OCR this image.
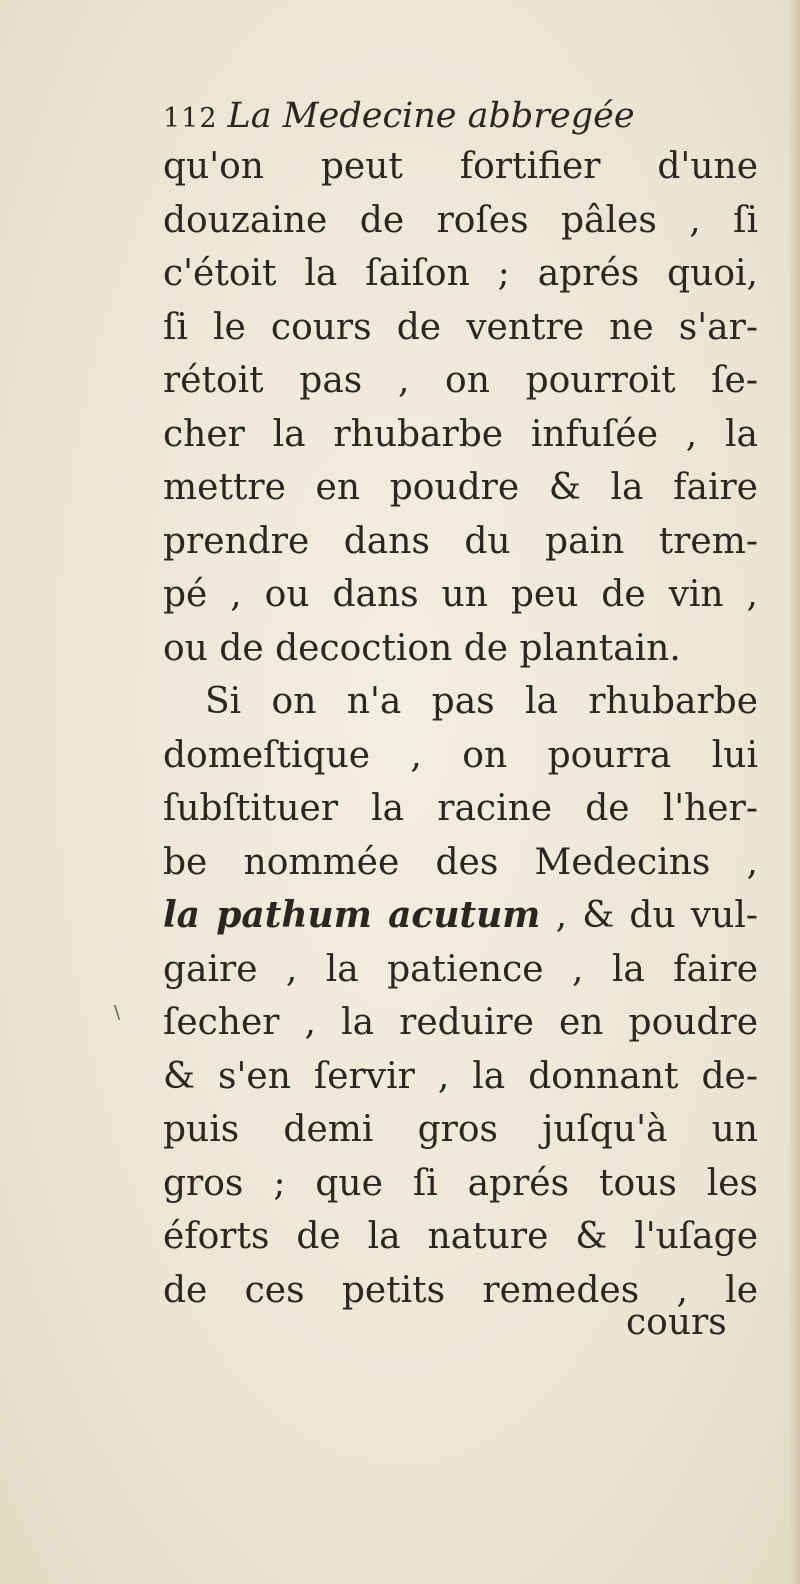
112 La Medecine abbregée
qu'on peut fortifier d'une
douzaine de roſes pâles , ſi
c'étoit la ſaiſon ; aprés quoi,
ſi le cours de ventre ne s'ar-
rétoit pas , on pourroit ſe-
cher la rhubarbe infuſée , la
mettre en poudre & la faire
prendre dans du pain trem-
pé , ou dans un peu de vin ,
ou de decoction de plantain.
Si on n'a pas la rhubarbe
domeſtique , on pourra lui
ſubſtituer la racine de l'her-
be nommée des Medecins ,
la pathum acutum , & du vul-
gaire , la patience , la faire
ſecher , la reduire en poudre
& s'en ſervir , la donnant de-
puis demi gros juſqu'à un
gros ; que ſi aprés tous les
éforts de la nature & l'uſage
de ces petits remedes , le
cours
\
